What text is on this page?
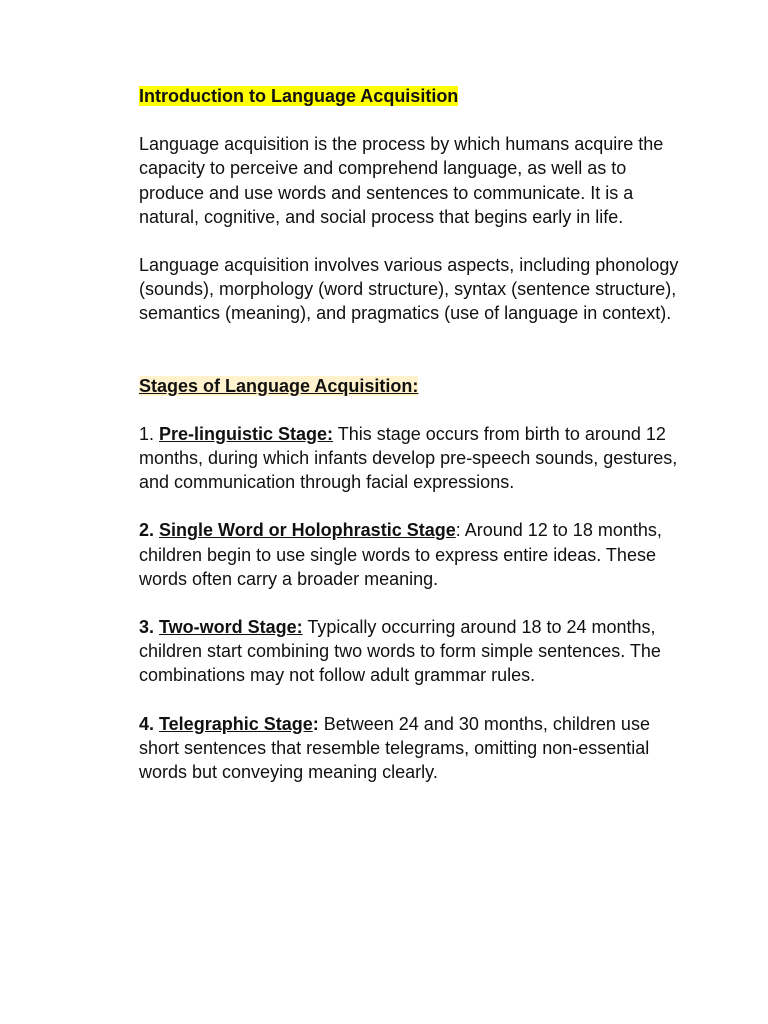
Introduction to Language Acquisition

Language acquisition is the process by which humans acquire the capacity to perceive and comprehend language, as well as to produce and use words and sentences to communicate. It is a natural, cognitive, and social process that begins early in life.

Language acquisition involves various aspects, including phonology (sounds), morphology (word structure), syntax (sentence structure), semantics (meaning), and pragmatics (use of language in context).

Stages of Language Acquisition:

1. Pre-linguistic Stage: This stage occurs from birth to around 12 months, during which infants develop pre-speech sounds, gestures, and communication through facial expressions.

2. Single Word or Holophrastic Stage: Around 12 to 18 months, children begin to use single words to express entire ideas. These words often carry a broader meaning.

3. Two-word Stage: Typically occurring around 18 to 24 months, children start combining two words to form simple sentences. The combinations may not follow adult grammar rules.

4. Telegraphic Stage: Between 24 and 30 months, children use short sentences that resemble telegrams, omitting non-essential words but conveying meaning clearly.
